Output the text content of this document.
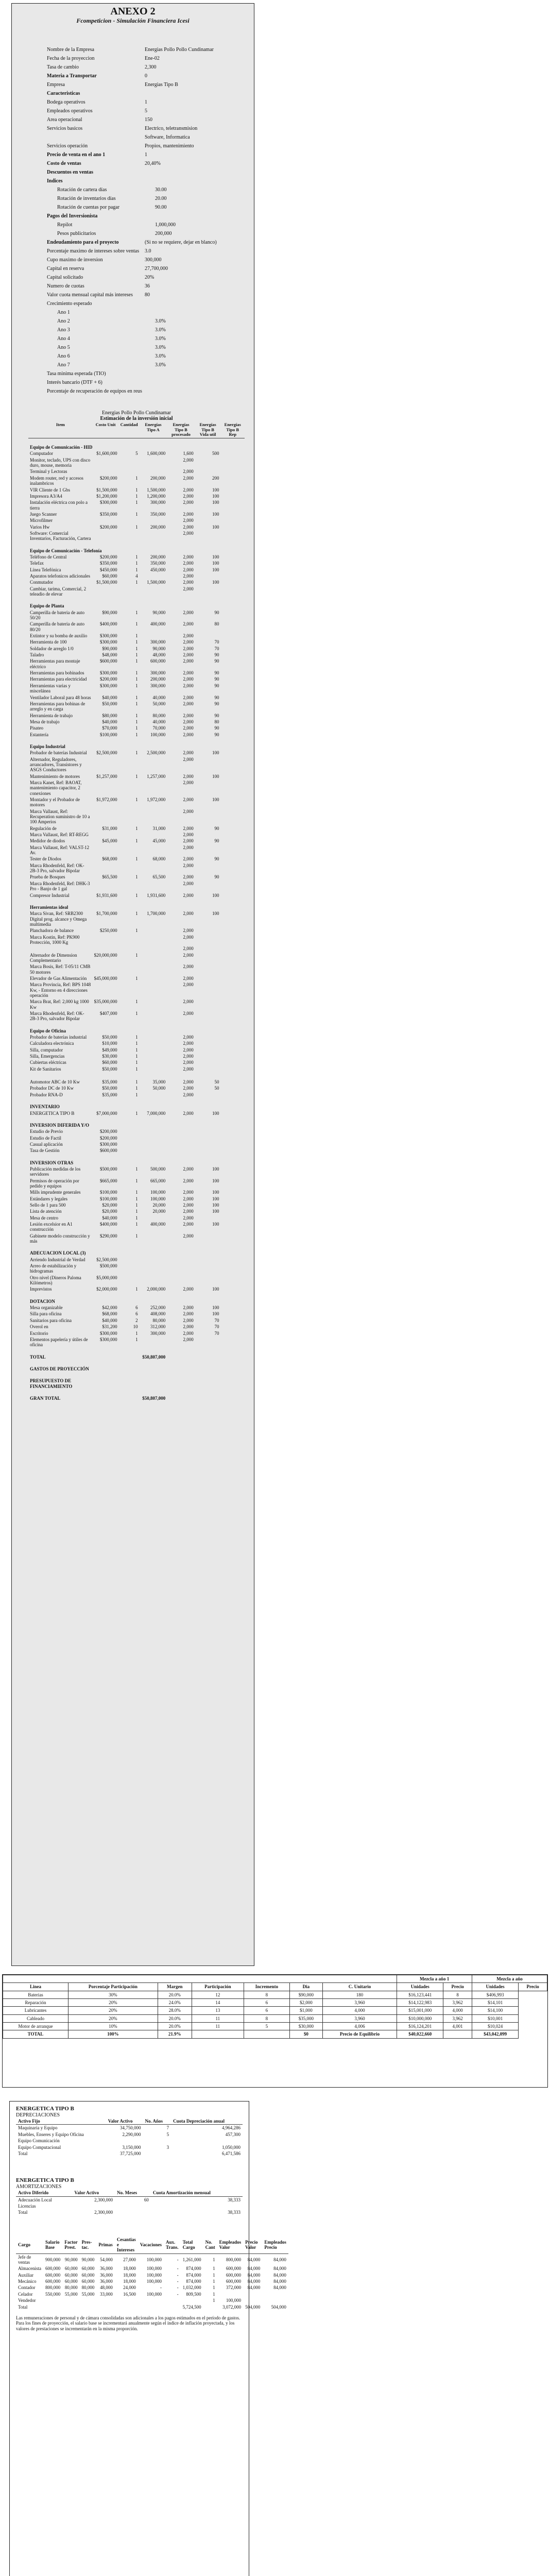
ANEXO 2
Fcompeticion - Simulación Financiera Icesi
Nombre de la Empresa	Energias Pollo Pollo Cundinamar
Fecha de la proyeccion	Ene-02
Tasa de cambio	2,300
Materia a Transportar	0
Empresa	Energias Tipo B
Caracteristicas
Bodega operativos	1
Empleados operativos	5
Area operacional	150
Servicios basicos	Electrico, teletransmision
Software, Informatica
Servicios operación	Propios, mantenimiento
Precio de venta en el ano 1	1
Costo de ventas	20,40%
Descuentos en ventas
Indices
Rotación de cartera días	30.00
Rotación de inventarios días	20.00
Rotación de cuentas por pagar	90.00
Pagos del Inversionista
Repilot	1,000,000
Pesos publicitarios	200,000
Endeudamiento para el proyecto	(Si no se requiere, dejar en blanco)
Porcentaje maximo de intereses sobre ventas	3.0
Cupo maximo de inversion	300,000
Capital en reserva	27,700,000
Capital solicitado	20%
Numero de cuotas	36
Valor cuota mensual capital más intereses	80
Crecimiento esperado
Ano 1
Ano 2	3.0%
Ano 3	3.0%
Ano 4	3.0%
Ano 5	3.0%
Ano 6	3.0%
Ano 7	3.0%
Tasa minima esperada (TIO)
Interés bancario (DTF + 6)
Porcentaje de recuperación de equipos en reus
Energias Pollo Pollo Cundinamar
Estimación de la inversión inicial
Item	Costo Unit	Cantidad	Energías Tipo A	Energías Tipo B procesado	Energías Tipo B Vida util	Energías Tipo B Rep
Equipo de Comunicación - HID						
Computador	$1,600,000	5	1,600,000	1,600	500	
Monitor, teclado, UPS con disco duro, mouse, memoria				2,000		
Terminal y Lectoras				2,000		
Modem router, red y accesos inalambricos	$200,000	1	200,000	2,000	200	
VIR Cliente de 1 Gbs	$1,500,000	1	1,500,000	2,000	100	
Impresora A3/A4	$1,200,000	1	1,200,000	2,000	100	
Instalación eléctrica con polo a tierra	$300,000	1	300,000	2,000	100	
Juego Scanner	$350,000	1	350,000	2,000	100	
Microfilmer				2,000		
Varios Hw	$200,000	1	200,000	2,000	100	
Software: Comercial Inventarios, Facturación, Cartera				2,000		
Equipo de Comunicación - Telefonía						
Teléfono de Central	$200,000	1	200,000	2,000	100	
Telefax	$350,000	1	350,000	2,000	100	
Línea Telefónica	$450,000	1	450,000	2,000	100	
Aparatos telefonicos adicionales	$60,000	4		2,000		
Conmutador	$1,500,000	1	1,500,000	2,000	100	
Cambiar, tarima, Comercial, 2 teleadio de elevar				2,000		
Equipo de Planta						
Camperilla de bateria de auto 50/20	$90,000	1	90,000	2,000	90	
Camperilla de bateria de auto 80/20	$400,000	1	400,000	2,000	80	
Extintor y su bomba de auxilio	$300,000	1		2,000		
Herramienta de 100	$300,000	1	300,000	2,000	70	
Soldador de arreglo 1/0	$90,000	1	90,000	2,000	70	
Taladro	$48,000	1	48,000	2,000	90	
Herramientas para montaje eléctrico	$600,000	1	600,000	2,000	90	
Herramientas para bobinados	$300,000	1	300,000	2,000	90	
Herramientas para electricidad	$200,000	1	200,000	2,000	90	
Herramientas varias y miscelánea	$300,000	1	300,000	2,000	90	
Ventilador Laboral para 48 horas	$40,000	1	40,000	2,000	90	
Herramientas para bobinas de arreglo y en carga	$50,000	1	50,000	2,000	90	
Herramienta de trabajo	$80,000	1	80,000	2,000	90	
Mesa de trabajo	$40,000	1	40,000	2,000	80	
Pisateo	$70,000	1	70,000	2,000	90	
Estantería	$100,000	1	100,000	2,000	90	
Equipo Industrial						
Probador de baterías Industrial	$2,500,000	1	2,500,000	2,000	100	
Alternador, Reguladores, arrancadores, Transistores y ASGS Conductores				2,000		
Mantenimiento de motores	$1,257,000	1	1,257,000	2,000	100	
Marca Kanet, Ref: BAOAT, mantenimiento capacitor, 2 conexiones				2,000		
Montador y el Probador de motores	$1,972,000	1	1,972,000	2,000	100	
Marca Vallaust, Ref: Recuperation suministro de 10 a 100 Amperios				2,000		
Regulación de	$31,000	1	31,000	2,000	90	
Marca Vallaust, Ref: RT-REGG				2,000		
Medidor de diodos	$45,000	1	45,000	2,000	90	
Marca Vallaust, Ref: VALST-12 Av.				2,000		
Tester de Diodos	$68,000	1	68,000	2,000	90	
Marca Rhodenfeld, Ref: OK-2B-3 Pro, salvador Bipolar				2,000		
Prueba de Bosques	$65,500	1	65,500	2,000	90	
Marca Rhodenfeld, Ref: DHK-3 Pro - Banjo de 1 gal				2,000		
Compresor Industrial	$1,931,600	1	1,931,600	2,000	100	
Herramientas ideal						
Marca Sivan, Ref: SRB2300 Digital prog. alcance y Omega multimedia	$1,700,000	1	1,700,000	2,000	100	
Planchadora de balance	$250,000	1		2,000		
Marca Kostin, Ref: PK900 Protección, 1000 Kg				2,000		
				2,000		
Alternador de Dimension Complementario	$20,000,000	1		2,000		
Marca Bosis, Ref: T-05/11 CMB 50 motores				2,000		
Elevador de Gas Alimentación	$45,000,000	1		2,000		
Marca Provincia, Ref: BPS 1048 Kw, - Entorno en 4 direcciones operación				2,000		
Marca Brat, Ref: 2,000 kg 1000 Kw	$35,000,000	1		2,000		
Marca Rhodenfeld, Ref: OK-2B-3 Pro, salvador Bipolar	$407,000	1		2,000		
Equipo de Oficina						
Probador de baterías industrial	$50,000	1		2,000		
Calculadora electrónica	$10,000	1		2,000		
Silla, computador	$49,000	1		2,000		
Silla, Emergencias	$30,000	1		2,000		
Cubiertas eléctricas	$60,000	1		2,000		
Kit de Sanitarios	$50,000	1		2,000		

Automotor ABC de 10 Kw	$35,000	1	35,000	2,000	50	
Probador DC de 10 Kw	$50,000	1	50,000	2,000	50	
Probador RNA-D	$35,000	1		2,000		
INVENTARIO						
ENERGETICA TIPO B	$7,000,000	1	7,000,000	2,000	100	
INVERSION DIFERIDA Y/O						
Estudio de Previo	$200,000					
Estudio de Factil	$200,000					
Casual aplicación	$300,000					
Tasa de Gestión	$600,000					
INVERSION OTRAS						
Publicación medidas de los servidores	$500,000	1	500,000	2,000	100	
Permisos de operación por pedido y equipos	$665,000	1	665,000	2,000	100	
Mills imprudente generales	$100,000	1	100,000	2,000	100	
Estándares y legales	$100,000	1	100,000	2,000	100	
Sello de 1 para 500	$20,000	1	20,000	2,000	100	
Lista de atención	$20,000	1	20,000	2,000	100	
Mesa de centro	$40,000	1		2,000		
Lesión excelsior en A1 construcción	$400,000	1	400,000	2,000	100	
Gabinete modelo construcción y más	$290,000	1		2,000		
ADECUACION LOCAL (3)						
Arriendo Industrial de Verdad	$2,500,000					
Arreo de estabilización y hidrogramas	$500,000					
Otro nivel (Dineros Paloma Kilómetros)	$5,000,000					
Imprevistos	$2,000,000	1	2,000,000	2,000	100	
DOTACION						
Mesa organizable	$42,000	6	252,000	2,000	100	
Silla para oficina	$68,000	6	408,000	2,000	100	
Sanitarios para oficina	$40,000	2	80,000	2,000	70	
Overol en	$31,200	10	312,000	2,000	70	
Escritorio	$300,000	1	300,000	2,000	70	
Elementos papelería y útiles de oficina	$300,000	1		2,000		
TOTAL			$50,807,000			
GASTOS DE PROYECCIÓN						
PRESUPUESTO DE FINANCIAMIENTO						
GRAN TOTAL			$50,807,000			
							Mezcla a año 1		Mezcla a año	
Linea	Porcentaje Participación	Margen	Participación	Incremento	Dia	C. Unitario	Unidades	Precio	Unidades	Precio
Baterias	30%	20.0%	12	8	$90,000	180	$16,123,441	8	$406,993	
Reparación	20%	24.0%	14	6	$2,000	3,960	$14,122,983	3,962	$14,101	
Lubricantes	20%	28.0%	13	6	$1,000	4,000	$15,001,000	4,000	$14,100	
Cableado	20%	20.0%	11	8	$35,000	3,960	$10,000,000	3,962	$10,001	
Motor de arranque	10%	20.0%	11	5	$30,000	4,006	$16,124,201	4,001	$10,024	
TOTAL	100%	21.9%			$0	Precio de Equilibrio	$40,022,660		$43,042,099	
ENERGETICA TIPO B
DEPRECIACIONES
Activo Fijo	Valor Activo	No. Años	Cuota Depreciación anual
Maquinaria y Equipo	34,750,000	7	4,964,286
Muebles, Enseres y Equipo Oficina	2,290,000	5	457,300
Equipo Comunicación			
Equipo Computacional	3,150,000	3	1,050,000
Total	37,725,000		6,471,586
ENERGETICA TIPO B
AMORTIZACIONES
Activo Diferido	Valor Activo	No. Meses	Cuota Amortización mensual
Adecuación Local	2,300,000	60	38,333
Licencias			
Total	2,300,000		38,333
Cargo	Salario Base	Factor Prest.	Pres-tac.	Primas	Cesantias e Intereses	Vacaciones	Aux. Trans.	Total Cargo	No. Cant	Empleados Valor	Precio Valor	Empleados Precio
Jefe de ventas	900,000	90,000	90,000	54,000	27,000	100,000	-	1,261,000	1	800,000	84,000	84,000
Almacenista	600,000	60,000	60,000	36,000	18,000	100,000	-	874,000	1	600,000	84,000	84,000
Auxiliar	600,000	60,000	60,000	36,000	18,000	100,000	-	874,000	1	600,000	84,000	84,000
Mecánico	600,000	60,000	60,000	36,000	18,000	100,000	-	874,000	1	600,000	84,000	84,000
Contador	800,000	80,000	80,000	48,000	24,000	-	-	1,032,000	1	372,000	84,000	84,000
Celador	550,000	55,000	55,000	33,000	16,500	100,000	-	809,500	1			
Vendedor									1	100,000		
Total								5,724,500		3,072,000	504,000	504,000
Las remuneraciones de personal y de cámara consolidadas son adicionales a los pagos estimados en el período de gastos. Para los fines de proyección, el salario base se incrementará anualmente según el índice de inflación proyectada, y los valores de prestaciones se incrementarán en la misma proporción.
